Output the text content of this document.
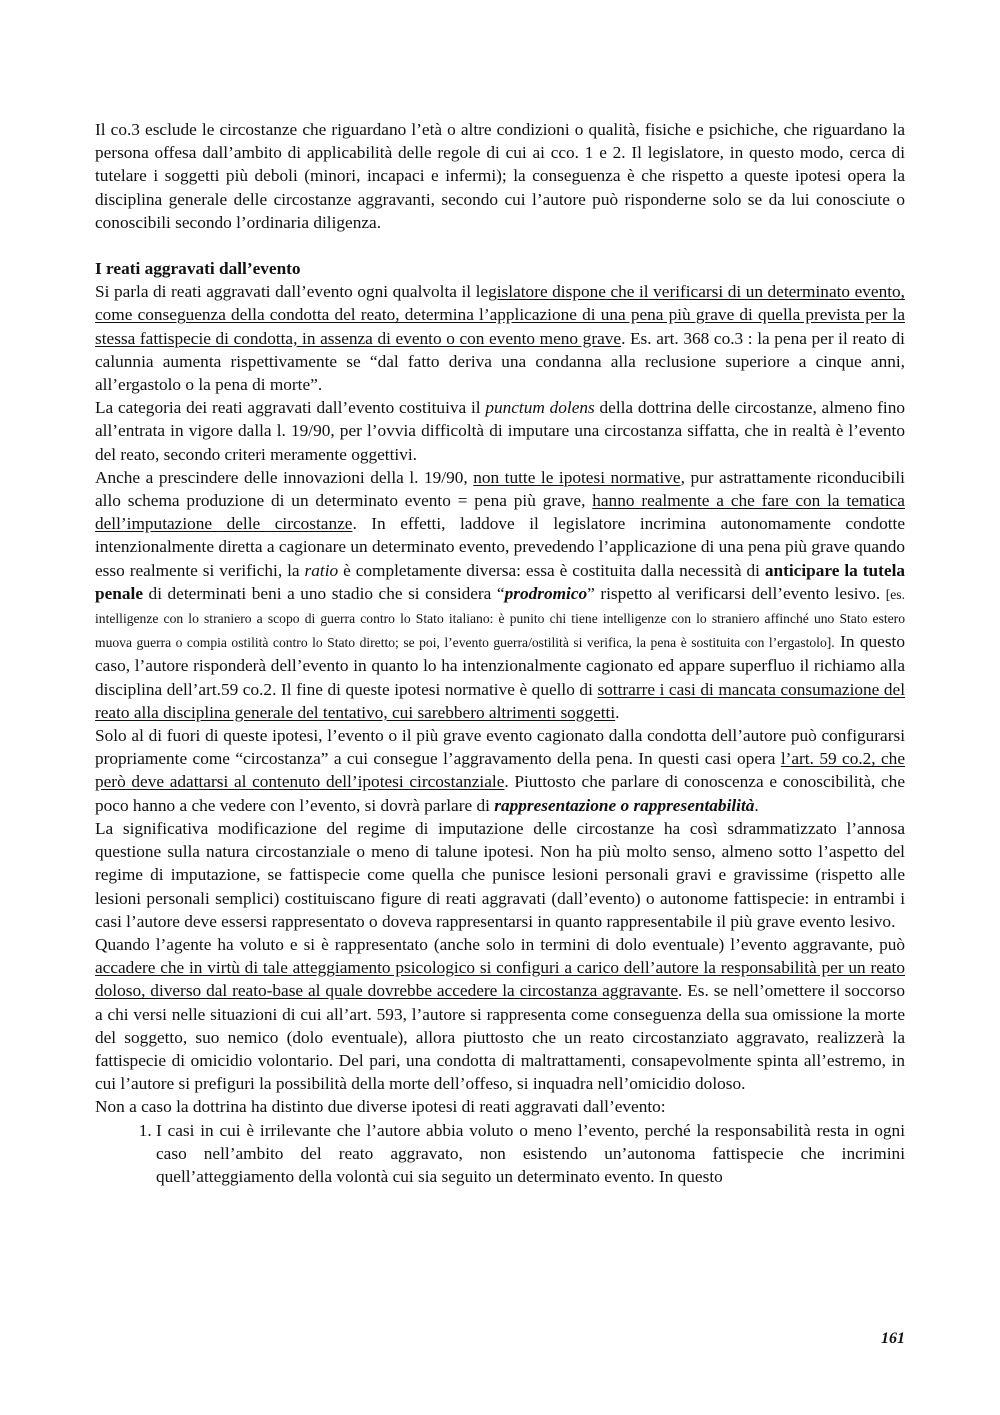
Il co.3 esclude le circostanze che riguardano l’età o altre condizioni o qualità, fisiche e psichiche, che riguardano la persona offesa dall’ambito di applicabilità delle regole di cui ai cco. 1 e 2. Il legislatore, in questo modo, cerca di tutelare i soggetti più deboli (minori, incapaci e infermi); la conseguenza è che rispetto a queste ipotesi opera la disciplina generale delle circostanze aggravanti, secondo cui l’autore può risponderne solo se da lui conosciute o conoscibili secondo l’ordinaria diligenza.

I reati aggravati dall’evento

Si parla di reati aggravati dall’evento ogni qualvolta il legislatore dispone che il verificarsi di un determinato evento, come conseguenza della condotta del reato, determina l’applicazione di una pena più grave di quella prevista per la stessa fattispecie di condotta, in assenza di evento o con evento meno grave. Es. art. 368 co.3 : la pena per il reato di calunnia aumenta rispettivamente se “dal fatto deriva una condanna alla reclusione superiore a cinque anni, all’ergastolo o la pena di morte”.

La categoria dei reati aggravati dall’evento costituiva il punctum dolens della dottrina delle circostanze, almeno fino all’entrata in vigore dalla l. 19/90, per l’ovvia difficoltà di imputare una circostanza siffatta, che in realtà è l’evento del reato, secondo criteri meramente oggettivi.

Anche a prescindere delle innovazioni della l. 19/90, non tutte le ipotesi normative, pur astrattamente riconducibili allo schema produzione di un determinato evento = pena più grave, hanno realmente a che fare con la tematica dell’imputazione delle circostanze. In effetti, laddove il legislatore incrimina autonomamente condotte intenzionalmente diretta a cagionare un determinato evento, prevedendo l’applicazione di una pena più grave quando esso realmente si verifichi, la ratio è completamente diversa: essa è costituita dalla necessità di anticipare la tutela penale di determinati beni a uno stadio che si considera “prodromico” rispetto al verificarsi dell’evento lesivo. [es. intelligenze con lo straniero a scopo di guerra contro lo Stato italiano: è punito chi tiene intelligenze con lo straniero affinché uno Stato estero muova guerra o compia ostilità contro lo Stato diretto; se poi, l’evento guerra/ostilità si verifica, la pena è sostituita con l’ergastolo]. In questo caso, l’autore risponderà dell’evento in quanto lo ha intenzionalmente cagionato ed appare superfluo il richiamo alla disciplina dell’art.59 co.2. Il fine di queste ipotesi normative è quello di sottrarre i casi di mancata consumazione del reato alla disciplina generale del tentativo, cui sarebbero altrimenti soggetti.

Solo al di fuori di queste ipotesi, l’evento o il più grave evento cagionato dalla condotta dell’autore può configurarsi propriamente come “circostanza” a cui consegue l’aggravamento della pena. In questi casi opera l’art. 59 co.2, che però deve adattarsi al contenuto dell’ipotesi circostanziale. Piuttosto che parlare di conoscenza e conoscibilità, che poco hanno a che vedere con l’evento, si dovrà parlare di rappresentazione o rappresentabilità.

La significativa modificazione del regime di imputazione delle circostanze ha così sdrammatizzato l’annosa questione sulla natura circostanziale o meno di talune ipotesi. Non ha più molto senso, almeno sotto l’aspetto del regime di imputazione, se fattispecie come quella che punisce lesioni personali gravi e gravissime (rispetto alle lesioni personali semplici) costituiscano figure di reati aggravati (dall’evento) o autonome fattispecie: in entrambi i casi l’autore deve essersi rappresentato o doveva rappresentarsi in quanto rappresentabile il più grave evento lesivo.

Quando l’agente ha voluto e si è rappresentato (anche solo in termini di dolo eventuale) l’evento aggravante, può accadere che in virtù di tale atteggiamento psicologico si configuri a carico dell’autore la responsabilità per un reato doloso, diverso dal reato-base al quale dovrebbe accedere la circostanza aggravante. Es. se nell’omettere il soccorso a chi versi nelle situazioni di cui all’art. 593, l’autore si rappresenta come conseguenza della sua omissione la morte del soggetto, suo nemico (dolo eventuale), allora piuttosto che un reato circostanziato aggravato, realizzerà la fattispecie di omicidio volontario. Del pari, una condotta di maltrattamenti, consapevolmente spinta all’estremo, in cui l’autore si prefiguri la possibilità della morte dell’offeso, si inquadra nell’omicidio doloso.

Non a caso la dottrina ha distinto due diverse ipotesi di reati aggravati dall’evento:

1. I casi in cui è irrilevante che l’autore abbia voluto o meno l’evento, perché la responsabilità resta in ogni caso nell’ambito del reato aggravato, non esistendo un’autonoma fattispecie che incrimini quell’atteggiamento della volontà cui sia seguito un determinato evento. In questo
161
